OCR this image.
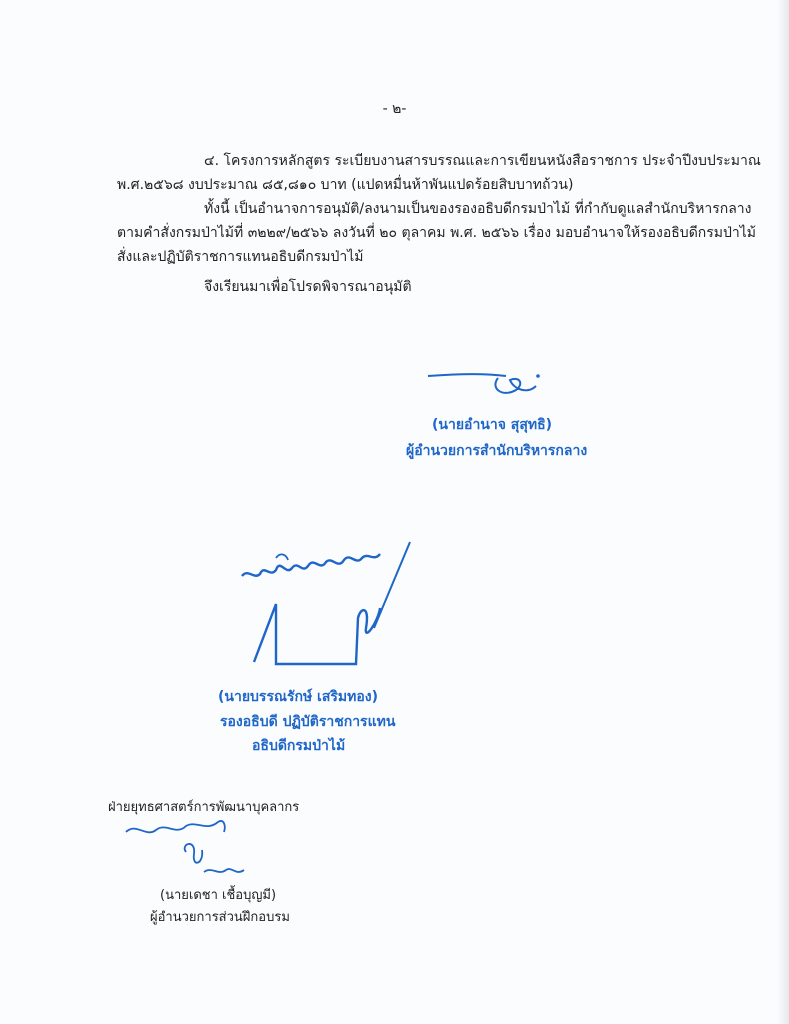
- ๒-
๔. โครงการหลักสูตร ระเบียบงานสารบรรณและการเขียนหนังสือราชการ ประจำปีงบประมาณ
พ.ศ.๒๕๖๘ งบประมาณ ๘๕,๘๑๐ บาท (แปดหมื่นห้าพันแปดร้อยสิบบาทถ้วน)
ทั้งนี้ เป็นอำนาจการอนุมัติ/ลงนามเป็นของรองอธิบดีกรมป่าไม้ ที่กำกับดูแลสำนักบริหารกลาง
ตามคำสั่งกรมป่าไม้ที่ ๓๒๒๙/๒๕๖๖ ลงวันที่ ๒๐ ตุลาคม พ.ศ. ๒๕๖๖ เรื่อง มอบอำนาจให้รองอธิบดีกรมป่าไม้
สั่งและปฏิบัติราชการแทนอธิบดีกรมป่าไม้
จึงเรียนมาเพื่อโปรดพิจารณาอนุมัติ
(นายอำนาจ สุสุทธิ)
ผู้อำนวยการสำนักบริหารกลาง
(นายบรรณรักษ์ เสริมทอง)
รองอธิบดี ปฏิบัติราชการแทน
อธิบดีกรมป่าไม้
ฝ่ายยุทธศาสตร์การพัฒนาบุคลากร
(นายเดชา เชื้อบุญมี)
ผู้อำนวยการส่วนฝึกอบรม
